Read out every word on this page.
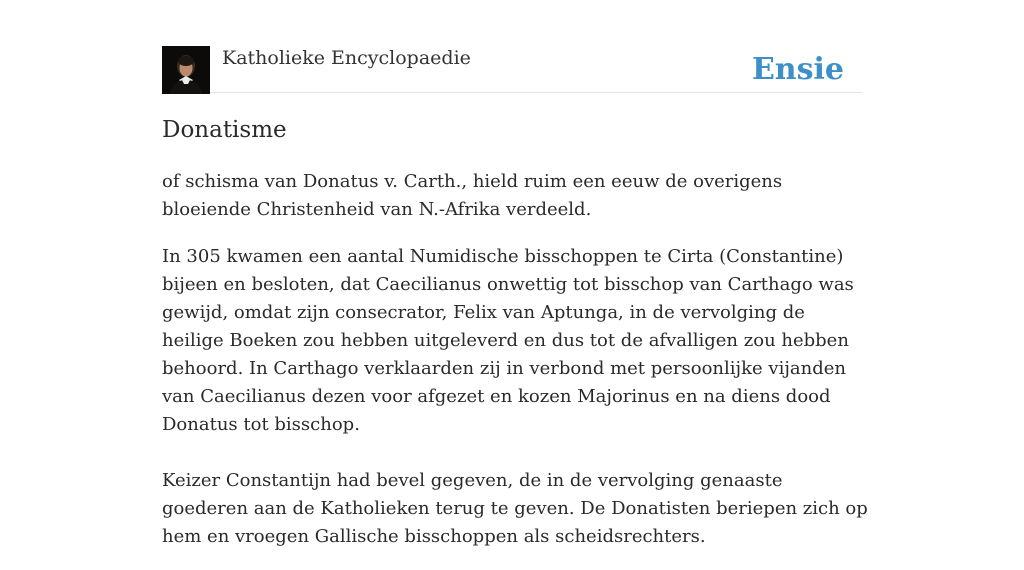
Katholieke Encyclopaedie	Ensie
Donatisme

of schisma van Donatus v. Carth., hield ruim een eeuw de overigens bloeiende Christenheid van N.-Afrika verdeeld.

In 305 kwamen een aantal Numidische bisschoppen te Cirta (Constantine) bijeen en besloten, dat Caecilianus onwettig tot bisschop van Carthago was gewijd, omdat zijn consecrator, Felix van Aptunga, in de vervolging de heilige Boeken zou hebben uitgeleverd en dus tot de afvalligen zou hebben behoord. In Carthago verklaarden zij in verbond met persoonlijke vijanden van Caecilianus dezen voor afgezet en kozen Majorinus en na diens dood Donatus tot bisschop.

Keizer Constantijn had bevel gegeven, de in de vervolging genaaste goederen aan de Katholieken terug te geven. De Donatisten beriepen zich op hem en vroegen Gallische bisschoppen als scheidsrechters.
